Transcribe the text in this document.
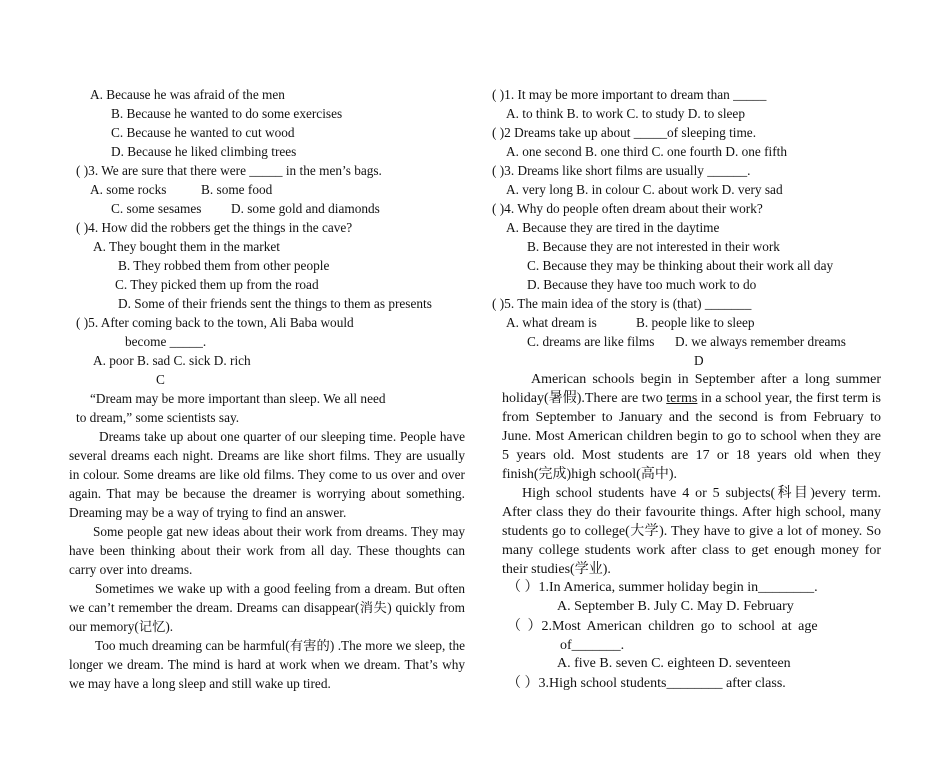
A. Because he was afraid of the men
B. Because he wanted to do some exercises
C. Because he wanted to cut wood
D. Because he liked climbing trees
( )3. We are sure that there were _____ in the men’s bags.
A. some rocks	B. some food
C. some sesames D. some gold and diamonds
( )4. How did the robbers get the things in the cave?
A. They bought them in the market
B. They robbed them from other people
C. They picked them up from the road
D. Some of their friends sent the things to them as presents
( )5. After coming back to the town, Ali Baba would
become _____.
A. poor B. sad C. sick D. rich
C
“Dream may be more important than sleep. We all need
to dream,” some scientists say.

Dreams take up about one quarter of our sleeping time. People have several dreams each night. Dreams are like short films. They are usually in colour. Some dreams are like old films. They come to us over and over again. That may be because the dreamer is worrying about something. Dreaming may be a way of trying to find an answer.

Some people gat new ideas about their work from dreams. They may have been thinking about their work from all day. These thoughts can carry over into dreams.

Sometimes we wake up with a good feeling from a dream. But often we can’t remember the dream. Dreams can disappear(消失) quickly from our memory(记忆).

Too much dreaming can be harmful(有害的) .The more we sleep, the longer we dream. The mind is hard at work when we dream. That’s why we may have a long sleep and still wake up tired.

( )1. It may be more important to dream than _____
A. to think B. to work C. to study D. to sleep
( )2 Dreams take up about _____of sleeping time.
A. one second B. one third C. one fourth D. one fifth
( )3. Dreams like short films are usually ______.
A. very long B. in colour C. about work D. very sad
( )4. Why do people often dream about their work?
A. Because they are tired in the daytime
B. Because they are not interested in their work
C. Because they may be thinking about their work all day
D. Because they have too much work to do
( )5. The main idea of the story is (that) _______
A. what dream is	B. people like to sleep
C. dreams are like films D. we always remember dreams
D

American schools begin in September after a long summer holiday(暑假).There are two terms in a school year, the first term is from September to January and the second is from February to June. Most American children begin to go to school when they are 5 years old. Most students are 17 or 18 years old when they finish(完成)high school(高中).

High school students have 4 or 5 subjects(科目)every term. After class they do their favourite things. After high school, many students go to college(大学). They have to give a lot of money. So many college students work after class to get enough money for their studies(学业).

（ ）1.In America, summer holiday begin in________.
A. September B. July C. May D. February
（ ）2.Most American children go to school at age
of_______.
A. five B. seven C. eighteen D. seventeen
（ ）3.High school students________ after class.
